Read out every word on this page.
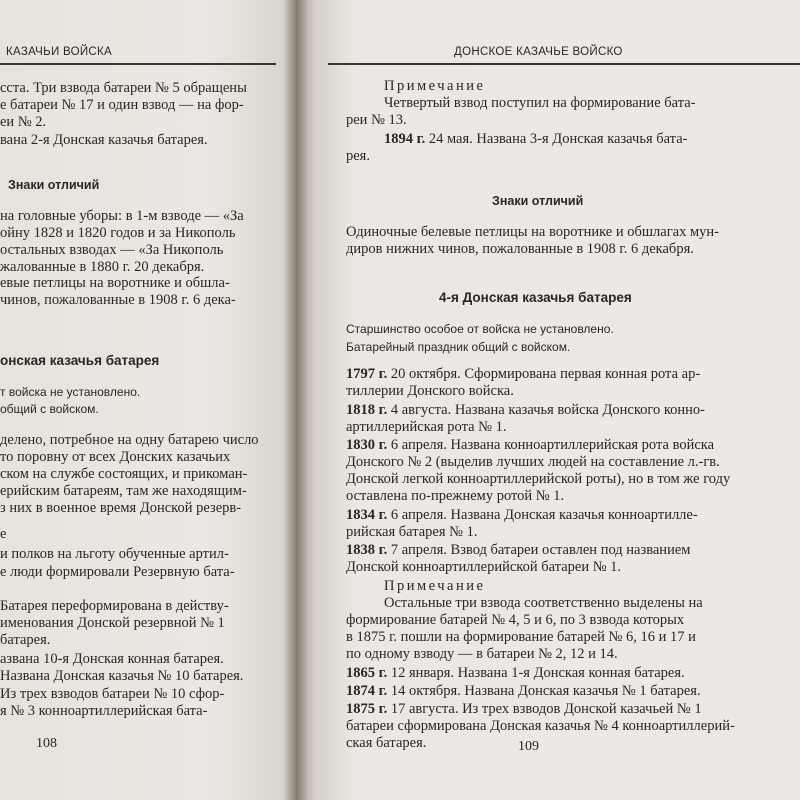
КАЗАЧЬИ ВОЙСКА
сста. Три взвода батареи № 5 обращены
е батареи № 17 и один взвод — на фор-
еи № 2.
вана 2-я Донская казачья батарея.
Знаки отличий
на головные уборы: в 1-м взводе — «За
ойну 1828 и 1820 годов и за Никополь
остальных взводах — «За Никополь
жалованные в 1880 г. 20 декабря.
евые петлицы на воротнике и обшла-
чинов, пожалованные в 1908 г. 6 дека-
онская казачья батарея
т войска не установлено.
общий с войском.
делено, потребное на одну батарею число
то поровну от всех Донских казачьих
ском на службе состоящих, и прикоман-
ерийским батареям, там же находящим-
з них в военное время Донской резерв-
е
и полков на льготу обученные артил-
е люди формировали Резервную бата-
Батарея переформирована в действу-
именования Донской резервной № 1
батарея.
азвана 10-я Донская конная батарея.
Названа Донская казачья № 10 батарея.
Из трех взводов батареи № 10 сфор-
я № 3 конноартиллерийская бата-
108
ДОНСКОЕ КАЗАЧЬЕ ВОЙСКО
Примечание
Четвертый взвод поступил на формирование бата-
реи № 13.
1894 г. 24 мая. Названа 3-я Донская казачья бата-
рея.
Знаки отличий
Одиночные белевые петлицы на воротнике и обшлагах мун-
диров нижних чинов, пожалованные в 1908 г. 6 декабря.
4-я Донская казачья батарея
Старшинство особое от войска не установлено.
Батарейный праздник общий с войском.
1797 г. 20 октября. Сформирована первая конная рота ар-
тиллерии Донского войска.
1818 г. 4 августа. Названа казачья войска Донского конно-
артиллерийская рота № 1.
1830 г. 6 апреля. Названа конноартиллерийская рота войска
Донского № 2 (выделив лучших людей на составление л.-гв.
Донской легкой конноартиллерийской роты), но в том же году
оставлена по-прежнему ротой № 1.
1834 г. 6 апреля. Названа Донская казачья конноартилле-
рийская батарея № 1.
1838 г. 7 апреля. Взвод батареи оставлен под названием
Донской конноартиллерийской батареи № 1.
Примечание
Остальные три взвода соответственно выделены на
формирование батарей № 4, 5 и 6, по 3 взвода которых
в 1875 г. пошли на формирование батарей № 6, 16 и 17 и
по одному взводу — в батареи № 2, 12 и 14.
1865 г. 12 января. Названа 1-я Донская конная батарея.
1874 г. 14 октября. Названа Донская казачья № 1 батарея.
1875 г. 17 августа. Из трех взводов Донской казачьей № 1
батареи сформирована Донская казачья № 4 конноартиллерий-
ская батарея.	109
